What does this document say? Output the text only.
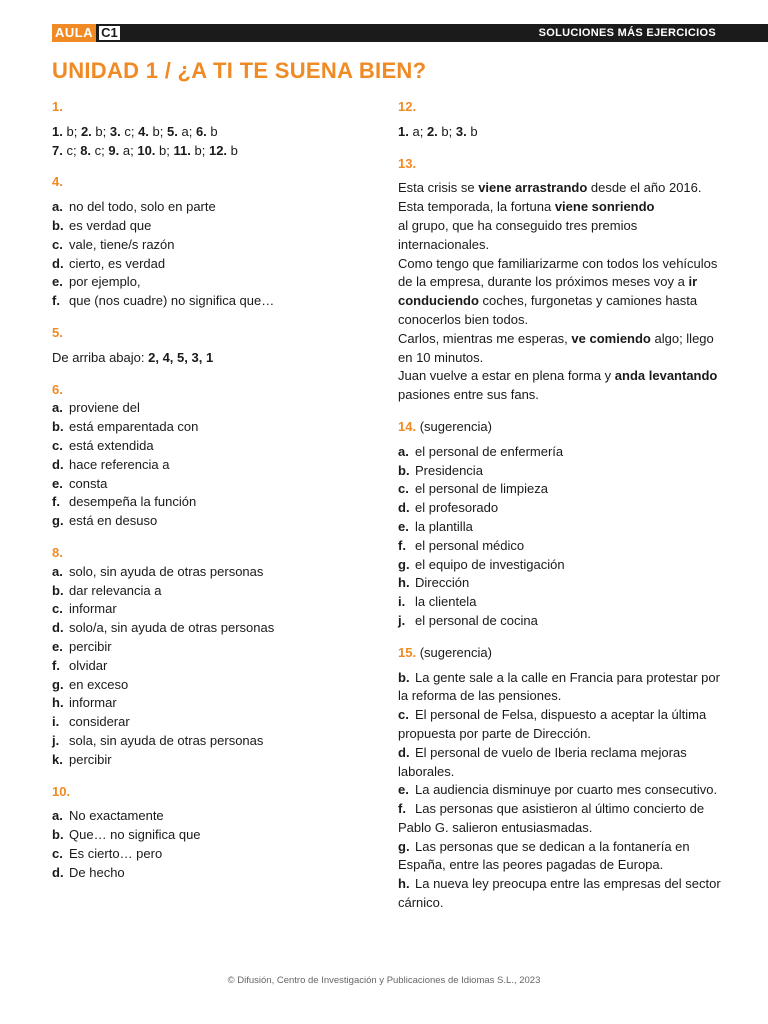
AULA C1	SOLUCIONES MÁS EJERCICIOS
UNIDAD 1 / ¿A TI TE SUENA BIEN?
1.
1. b; 2. b; 3. c; 4. b; 5. a; 6. b
7. c; 8. c; 9. a; 10. b; 11. b; 12. b
4.
a. no del todo, solo en parte
b. es verdad que
c. vale, tiene/s razón
d. cierto, es verdad
e. por ejemplo,
f. que (nos cuadre) no significa que…
5.
De arriba abajo: 2, 4, 5, 3, 1
6.
a. proviene del
b. está emparentada con
c. está extendida
d. hace referencia a
e. consta
f. desempeña la función
g. está en desuso
8.
a. solo, sin ayuda de otras personas
b. dar relevancia a
c. informar
d. solo/a, sin ayuda de otras personas
e. percibir
f. olvidar
g. en exceso
h. informar
i. considerar
j. sola, sin ayuda de otras personas
k. percibir
10.
a. No exactamente
b. Que… no significa que
c. Es cierto… pero
d. De hecho
12.
1. a; 2. b; 3. b
13.
Esta crisis se viene arrastrando desde el año 2016.
Esta temporada, la fortuna viene sonriendo
al grupo, que ha conseguido tres premios internacionales.
Como tengo que familiarizarme con todos los vehículos de la empresa, durante los próximos meses voy a ir conduciendo coches, furgonetas y camiones hasta conocerlos bien todos.
Carlos, mientras me esperas, ve comiendo algo; llego en 10 minutos.
Juan vuelve a estar en plena forma y anda levantando pasiones entre sus fans.
14. (sugerencia)
a. el personal de enfermería
b. Presidencia
c. el personal de limpieza
d. el profesorado
e. la plantilla
f. el personal médico
g. el equipo de investigación
h. Dirección
i. la clientela
j. el personal de cocina
15. (sugerencia)
b. La gente sale a la calle en Francia para protestar por la reforma de las pensiones.
c. El personal de Felsa, dispuesto a aceptar la última propuesta por parte de Dirección.
d. El personal de vuelo de Iberia reclama mejoras laborales.
e. La audiencia disminuye por cuarto mes consecutivo.
f. Las personas que asistieron al último concierto de Pablo G. salieron entusiasmadas.
g. Las personas que se dedican a la fontanería en España, entre las peores pagadas de Europa.
h. La nueva ley preocupa entre las empresas del sector cárnico.
© Difusión, Centro de Investigación y Publicaciones de Idiomas S.L., 2023
